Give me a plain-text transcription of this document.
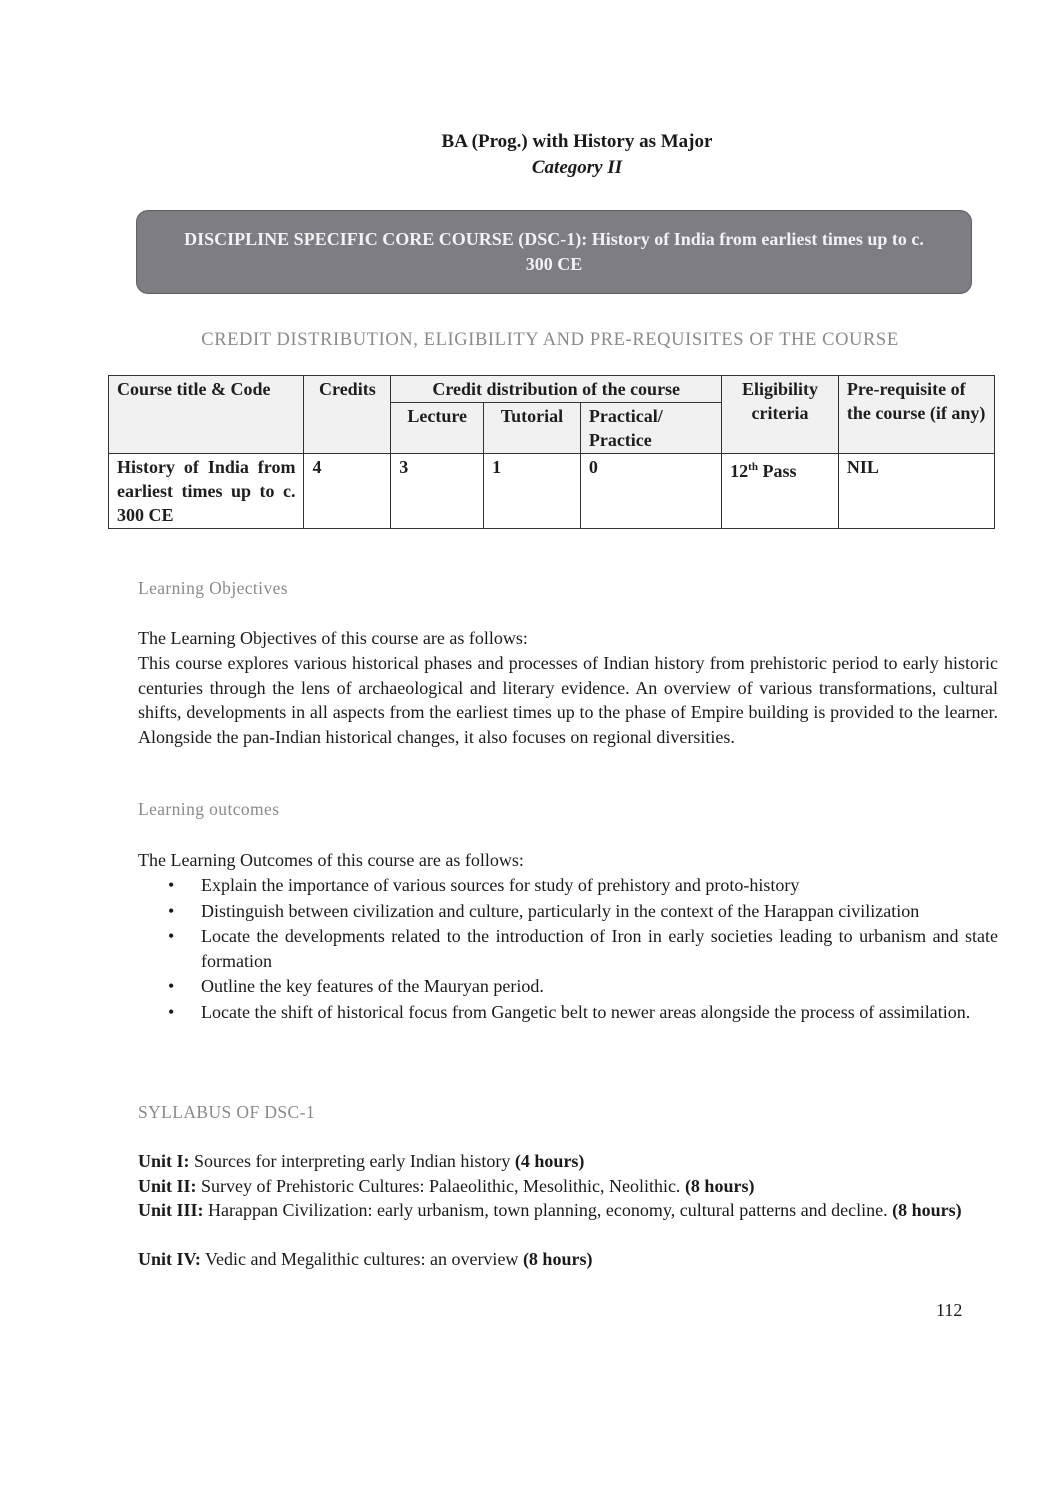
BA (Prog.) with History as Major
Category II
DISCIPLINE SPECIFIC CORE COURSE (DSC-1): History of India from earliest times up to c. 300 CE
CREDIT DISTRIBUTION, ELIGIBILITY AND PRE-REQUISITES OF THE COURSE
Course title & Code	Credits	Credit distribution of the course			Eligibility criteria	Pre-requisite of the course (if any)
		Lecture	Tutorial	Practical/ Practice		
History of India from earliest times up to c. 300 CE	4	3	1	0	12th Pass	NIL
Learning Objectives
The Learning Objectives of this course are as follows:
This course explores various historical phases and processes of Indian history from prehistoric period to early historic centuries through the lens of archaeological and literary evidence. An overview of various transformations, cultural shifts, developments in all aspects from the earliest times up to the phase of Empire building is provided to the learner. Alongside the pan-Indian historical changes, it also focuses on regional diversities.
Learning outcomes
The Learning Outcomes of this course are as follows:
• Explain the importance of various sources for study of prehistory and proto-history
• Distinguish between civilization and culture, particularly in the context of the Harappan civilization
• Locate the developments related to the introduction of Iron in early societies leading to urbanism and state formation
• Outline the key features of the Mauryan period.
• Locate the shift of historical focus from Gangetic belt to newer areas alongside the process of assimilation.
SYLLABUS OF DSC-1
Unit I: Sources for interpreting early Indian history (4 hours)
Unit II: Survey of Prehistoric Cultures: Palaeolithic, Mesolithic, Neolithic. (8 hours)
Unit III: Harappan Civilization: early urbanism, town planning, economy, cultural patterns and decline. (8 hours)
Unit IV: Vedic and Megalithic cultures: an overview (8 hours)
112
